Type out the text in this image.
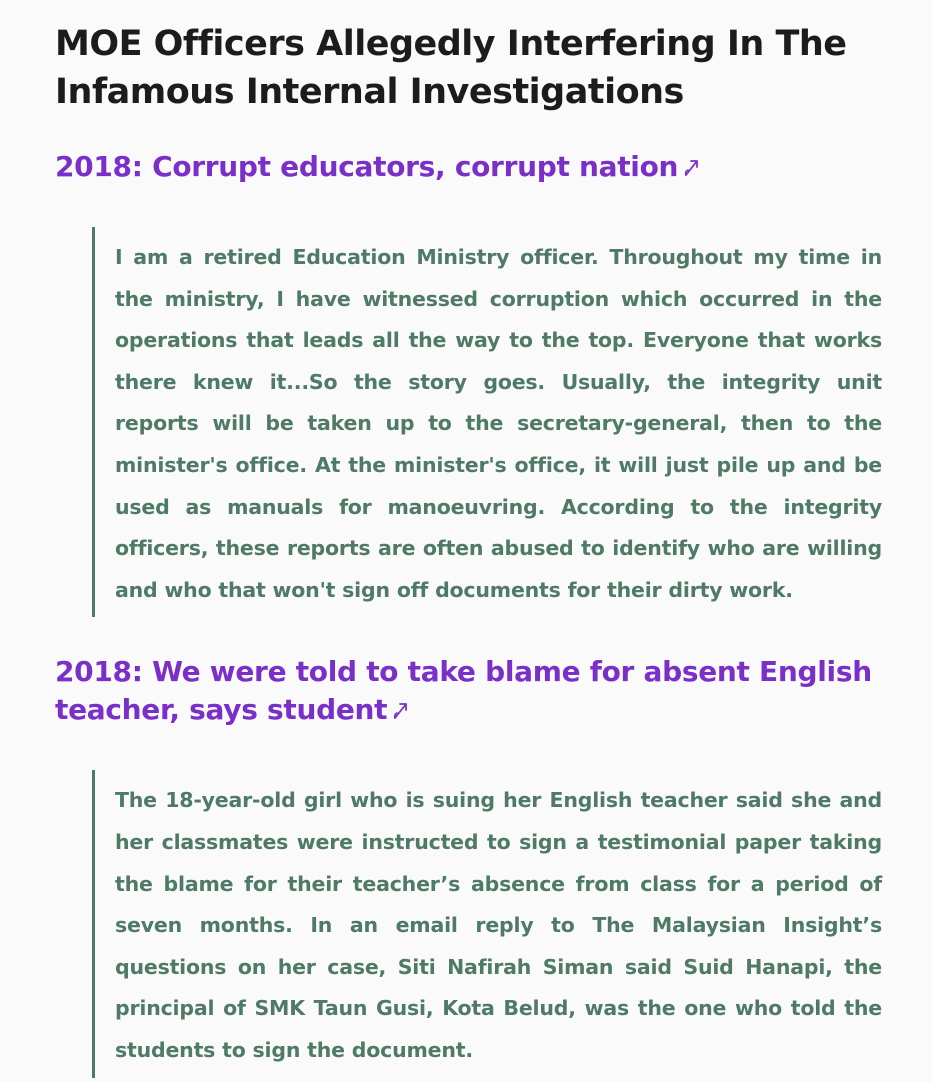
MOE Officers Allegedly Interfering In The Infamous Internal Investigations
2018: Corrupt educators, corrupt nation

I am a retired Education Ministry officer. Throughout my time in the ministry, I have witnessed corruption which occurred in the operations that leads all the way to the top. Everyone that works there knew it...So the story goes. Usually, the integrity unit reports will be taken up to the secretary-general, then to the minister's office. At the minister's office, it will just pile up and be used as manuals for manoeuvring. According to the integrity officers, these reports are often abused to identify who are willing and who that won't sign off documents for their dirty work.

2018: We were told to take blame for absent English teacher, says student

The 18-year-old girl who is suing her English teacher said she and her classmates were instructed to sign a testimonial paper taking the blame for their teacher’s absence from class for a period of seven months. In an email reply to The Malaysian Insight’s questions on her case, Siti Nafirah Siman said Suid Hanapi, the principal of SMK Taun Gusi, Kota Belud, was the one who told the students to sign the document.
